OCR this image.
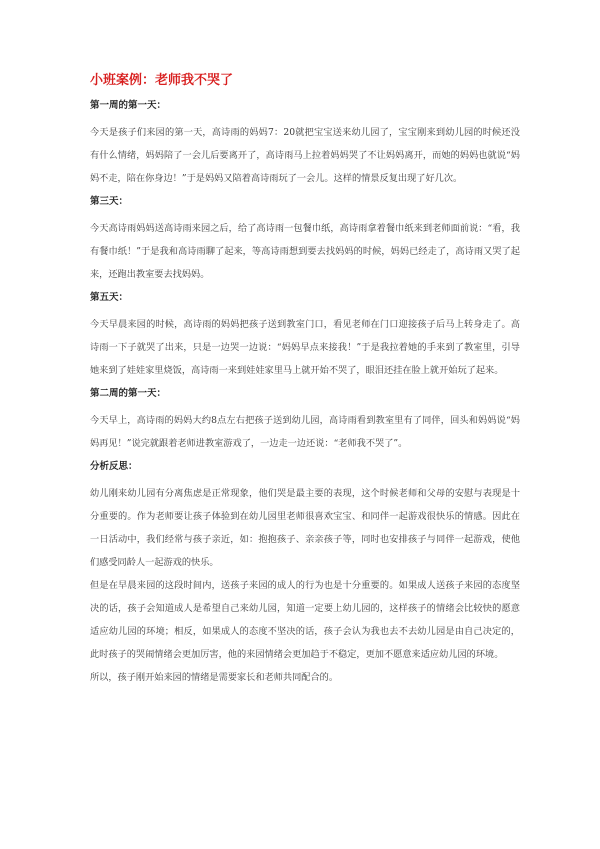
小班案例：老师我不哭了
第一周的第一天：

今天是孩子们来园的第一天，高诗雨的妈妈7：20就把宝宝送来幼儿园了，宝宝刚来到幼儿园的时候还没有什么情绪，妈妈陪了一会儿后要离开了，高诗雨马上拉着妈妈哭了不让妈妈离开，而她的妈妈也就说“妈妈不走，陪在你身边！”于是妈妈又陪着高诗雨玩了一会儿。这样的情景反复出现了好几次。

第三天：

今天高诗雨妈妈送高诗雨来园之后，给了高诗雨一包餐巾纸，高诗雨拿着餐巾纸来到老师面前说：“看，我有餐巾纸！”于是我和高诗雨聊了起来，等高诗雨想到要去找妈妈的时候，妈妈已经走了，高诗雨又哭了起来，还跑出教室要去找妈妈。

第五天：

今天早晨来园的时候，高诗雨的妈妈把孩子送到教室门口，看见老师在门口迎接孩子后马上转身走了。高诗雨一下子就哭了出来，只是一边哭一边说：“妈妈早点来接我！”于是我拉着她的手来到了教室里，引导她来到了娃娃家里烧饭，高诗雨一来到娃娃家里马上就开始不哭了，眼泪还挂在脸上就开始玩了起来。

第二周的第一天：

今天早上，高诗雨的妈妈大约8点左右把孩子送到幼儿园，高诗雨看到教室里有了同伴，回头和妈妈说“妈妈再见！”说完就跟着老师进教室游戏了，一边走一边还说：“老师我不哭了”。

分析反思：

幼儿刚来幼儿园有分离焦虑是正常现象，他们哭是最主要的表现，这个时候老师和父母的安慰与表现是十分重要的。作为老师要让孩子体验到在幼儿园里老师很喜欢宝宝、和同伴一起游戏很快乐的情感。因此在一日活动中，我们经常与孩子亲近，如：抱抱孩子、亲亲孩子等，同时也安排孩子与同伴一起游戏，使他们感受同龄人一起游戏的快乐。

但是在早晨来园的这段时间内，送孩子来园的成人的行为也是十分重要的。如果成人送孩子来园的态度坚决的话，孩子会知道成人是希望自己来幼儿园，知道一定要上幼儿园的，这样孩子的情绪会比较快的愿意适应幼儿园的环境；相反，如果成人的态度不坚决的话，孩子会认为我也去不去幼儿园是由自己决定的，此时孩子的哭闹情绪会更加厉害，他的来园情绪会更加趋于不稳定，更加不愿意来适应幼儿园的环境。

所以，孩子刚开始来园的情绪是需要家长和老师共同配合的。
